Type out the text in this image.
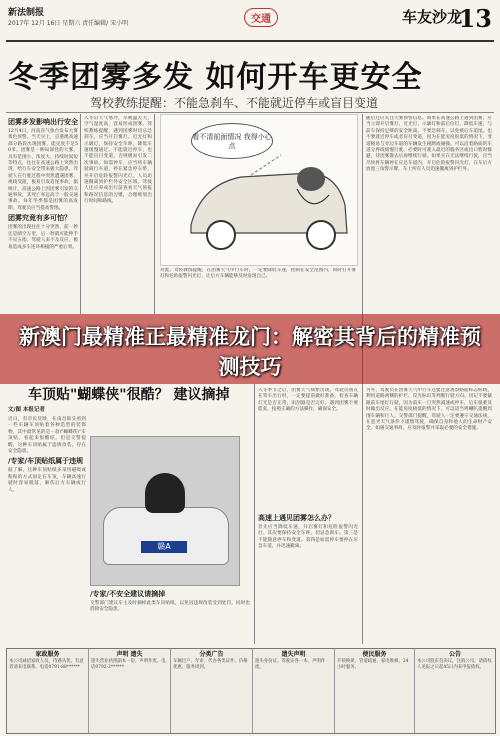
新法制报
2017年 12月 16日 星期六 责任编辑/ 宋小明	交通	车友沙龙
13
冬季团雾多发 如何开车更安全
驾校教练提醒：不能急刹车、不能就近停车或盲目变道
团雾多发影响出行安全
12月4日，河南省气象台发布大雾黄色预警。当天早上，京港澳高速部分路段出现团雾，能见度不足50米。团雾是一种局部性的大雾，具有范围小、浓度大、持续时间短等特点，往往在高速公路上突然出现，给行车安全带来极大隐患。驾驶人在行驶过程中突然遭遇团雾，视线受阻，极易引发追尾事故。据统计，高速公路上因团雾引发的交通事故，其死亡率远高于一般交通事故。每年冬季都是团雾的高发期，驾驶员应当提高警惕。
团雾究竟有多可怕？
团雾的出现往往十分突然，前一秒还是晴空万里，后一秒就可能伸手不见五指。驾驶人来不及反应，极易造成多车连环相撞的严重后果。
入冬后天气寒冷，早晚温差大，空气湿度高，容易形成团雾。驾校教练提醒，遇到团雾时切忌急刹车，应当开启雾灯、近光灯和示廓灯，保持安全车距，降低车速缓慢通过。不能就近停车，也不能盲目变道，否则极易引发二次事故。如需停车，应当将车辆驶离行车道，停在紧急停车带，并开启危险报警闪光灯，人员迅速撤离到护栏外安全区域。驾驶人还应养成出行前查看天气预报和路况信息的习惯，合理规划出行时间和路线。
看不清前面情况 我得小心点
对此，驾校教练提醒，在团雾天气中行车时，一定要降低车速，控制在安全范围内，同时打开雾灯和危险报警闪光灯，让后方车辆能够及时发现自己。
随后还应关注大雾预警信息。如果在高速公路上遇到团雾，应当立即开启雾灯、近光灯、示廓灯和前后位灯，降低车速，与前车保持足够的安全距离。不要急刹车，以免被后车追尾。也不要就近停车或者盲目变道，因为在能见度很低的情况下，变道极易与旁边车道的车辆发生剐蹭或碰撞。可以沿着路面的车道分界线缓慢行驶，必要时可驶入最近的服务区或出口暂时躲避，待团雾散去后再继续行驶。如果实在无法继续行驶，应当尽快将车辆停在应急车道内，开启危险报警闪光灯，在车后方放置三角警示牌，车上所有人员迅速撤离到护栏外。
入冬季节之后，团雾天气频繁出现。驾驶员朋友在驾车出行时，一定要提前做好准备，检查车辆灯光是否正常，雨刮器是否完好。遇到团雾不要慌张，按照正确的方法操作，确保安全。
高速上遇见团雾怎么办？
首先应当降低车速，开启雾灯和危险报警闪光灯。其次要保持安全车距，切忌急刹车。第三是不能随意停车和变道。第四是如需停车要停在应急车道，并迅速撤离。
另外，驾驶员在团雾天气中行车还要注意观察路面标志标线，利用道路两侧的护栏、反光标识等判断行驶方向。切记不要紧跟前车尾灯行驶，因为前车一旦突然减速或停车，后车很难及时做出反应。在能见度极低的情况下，可以适当鸣喇叭提醒周围车辆和行人。交警部门提醒，驾驶人一定要遵守交通法规，在恶劣天气条件下谨慎驾驶，确保自身和他人的生命财产安全。如遇交通事故，应及时报警并采取必要的安全措施。
新澳门最精准正最精准龙门：解密其背后的精准预测技巧
车顶贴"蝴蝶侠"很酷？ 建议摘掉
文/图 本报记者
近日，有市民反映，在南昌街头看到一些车辆车顶贴着各种造型的装饰物，其中最常见的是一款\"蝴蝶侠\"车顶贴，看起来很酷炫。但是交警提醒，这种车顶贴属于违规改装，存在安全隐患。
/专家/车顶贴纸属于违规
据了解，这种车顶贴纸多采用磁吸或粘贴的方式固定在车顶，车辆高速行驶时容易脱落，砸伤后方车辆或行人。
赣A
/专家/不安全建议请摘掉
交警部门建议车主及时摘掉此类车顶贴纸，以免因违规改装受到处罚，同时也消除安全隐患。
家政服务
本公司诚招家政人员，待遇从优，有意者请来电联系。电话0791-88******
声明 遗失
遗失营业执照副本一份，声明作废。电话0792-2******
分类广告
车辆过户、年审、代办各类证件，价格优惠，服务周到。
遗失声明
遗失身份证、驾驶证各一本，声明作废。
便民服务
开锁换锁、管道疏通、家电维修，24小时服务。
公告
本公司股东会决议，注销公司，请债权人见报之日起45日内来申报债权。
